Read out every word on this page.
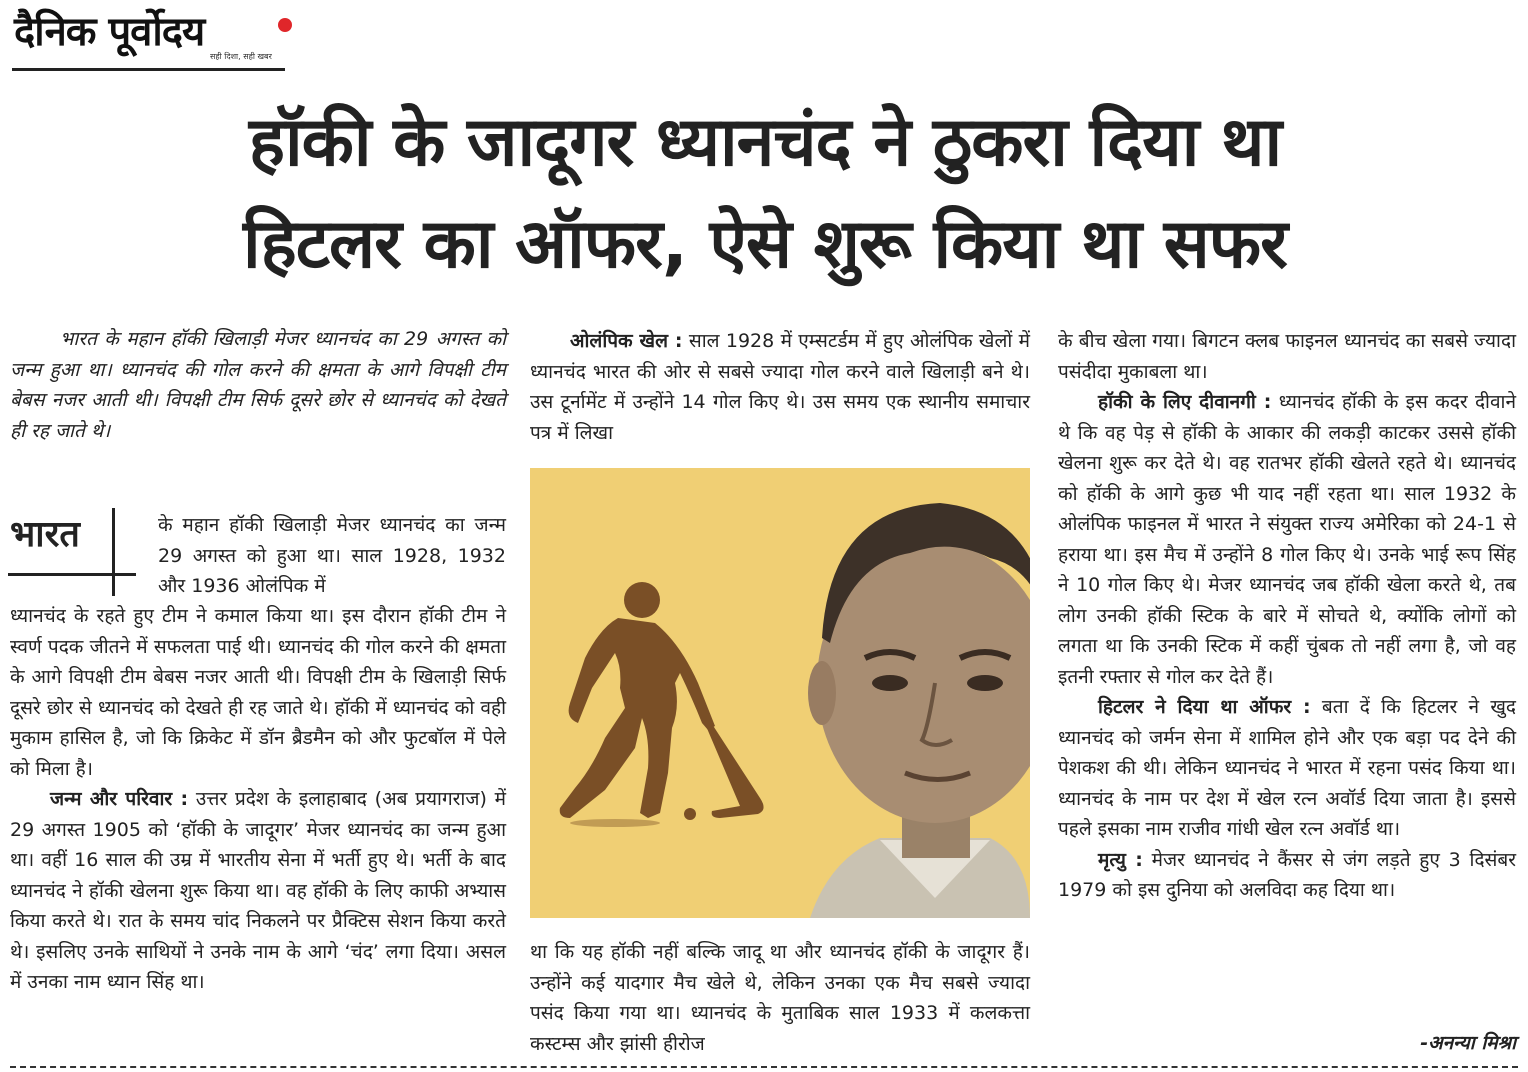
दैनिक पूर्वोदय
सही दिशा, सही खबर
हॉकी के जादूगर ध्यानचंद ने ठुकरा दिया था
हिटलर का ऑफर, ऐसे शुरू किया था सफर

भारत के महान हॉकी खिलाड़ी मेजर ध्यानचंद का 29 अगस्त को जन्म हुआ था। ध्यानचंद की गोल करने की क्षमता के आगे विपक्षी टीम बेबस नजर आती थी। विपक्षी टीम सिर्फ दूसरे छोर से ध्यानचंद को देखते ही रह जाते थे।

भारत	के महान हॉकी खिलाड़ी मेजर ध्यानचंद का जन्म 29 अगस्त को हुआ था। साल 1928, 1932 और 1936 ओलंपिक में

ध्यानचंद के रहते हुए टीम ने कमाल किया था। इस दौरान हॉकी टीम ने स्वर्ण पदक जीतने में सफलता पाई थी। ध्यानचंद की गोल करने की क्षमता के आगे विपक्षी टीम बेबस नजर आती थी। विपक्षी टीम के खिलाड़ी सिर्फ दूसरे छोर से ध्यानचंद को देखते ही रह जाते थे। हॉकी में ध्यानचंद को वही मुकाम हासिल है, जो कि क्रिकेट में डॉन ब्रैडमैन को और फुटबॉल में पेले को मिला है।

जन्म और परिवार : उत्तर प्रदेश के इलाहाबाद (अब प्रयागराज) में 29 अगस्त 1905 को ‘हॉकी के जादूगर’ मेजर ध्यानचंद का जन्म हुआ था। वहीं 16 साल की उम्र में भारतीय सेना में भर्ती हुए थे। भर्ती के बाद ध्यानचंद ने हॉकी खेलना शुरू किया था। वह हॉकी के लिए काफी अभ्यास किया करते थे। रात के समय चांद निकलने पर प्रैक्टिस सेशन किया करते थे। इसलिए उनके साथियों ने उनके नाम के आगे ‘चंद’ लगा दिया। असल में उनका नाम ध्यान सिंह था।

ओलंपिक खेल : साल 1928 में एम्सटर्डम में हुए ओलंपिक खेलों में ध्यानचंद भारत की ओर से सबसे ज्यादा गोल करने वाले खिलाड़ी बने थे। उस टूर्नामेंट में उन्होंने 14 गोल किए थे। उस समय एक स्थानीय समाचार पत्र में लिखा

था कि यह हॉकी नहीं बल्कि जादू था और ध्यानचंद हॉकी के जादूगर हैं। उन्होंने कई यादगार मैच खेले थे, लेकिन उनका एक मैच सबसे ज्यादा पसंद किया गया था। ध्यानचंद के मुताबिक साल 1933 में कलकत्ता कस्टम्स और झांसी हीरोज

के बीच खेला गया। बिगटन क्लब फाइनल ध्यानचंद का सबसे ज्यादा पसंदीदा मुकाबला था।

हॉकी के लिए दीवानगी : ध्यानचंद हॉकी के इस कदर दीवाने थे कि वह पेड़ से हॉकी के आकार की लकड़ी काटकर उससे हॉकी खेलना शुरू कर देते थे। वह रातभर हॉकी खेलते रहते थे। ध्यानचंद को हॉकी के आगे कुछ भी याद नहीं रहता था। साल 1932 के ओलंपिक फाइनल में भारत ने संयुक्त राज्य अमेरिका को 24-1 से हराया था। इस मैच में उन्होंने 8 गोल किए थे। उनके भाई रूप सिंह ने 10 गोल किए थे। मेजर ध्यानचंद जब हॉकी खेला करते थे, तब लोग उनकी हॉकी स्टिक के बारे में सोचते थे, क्योंकि लोगों को लगता था कि उनकी स्टिक में कहीं चुंबक तो नहीं लगा है, जो वह इतनी रफ्तार से गोल कर देते हैं।

हिटलर ने दिया था ऑफर : बता दें कि हिटलर ने खुद ध्यानचंद को जर्मन सेना में शामिल होने और एक बड़ा पद देने की पेशकश की थी। लेकिन ध्यानचंद ने भारत में रहना पसंद किया था। ध्यानचंद के नाम पर देश में खेल रत्न अवॉर्ड दिया जाता है। इससे पहले इसका नाम राजीव गांधी खेल रत्न अवॉर्ड था।

मृत्यु : मेजर ध्यानचंद ने कैंसर से जंग लड़ते हुए 3 दिसंबर 1979 को इस दुनिया को अलविदा कह दिया था।

-अनन्या मिश्रा
